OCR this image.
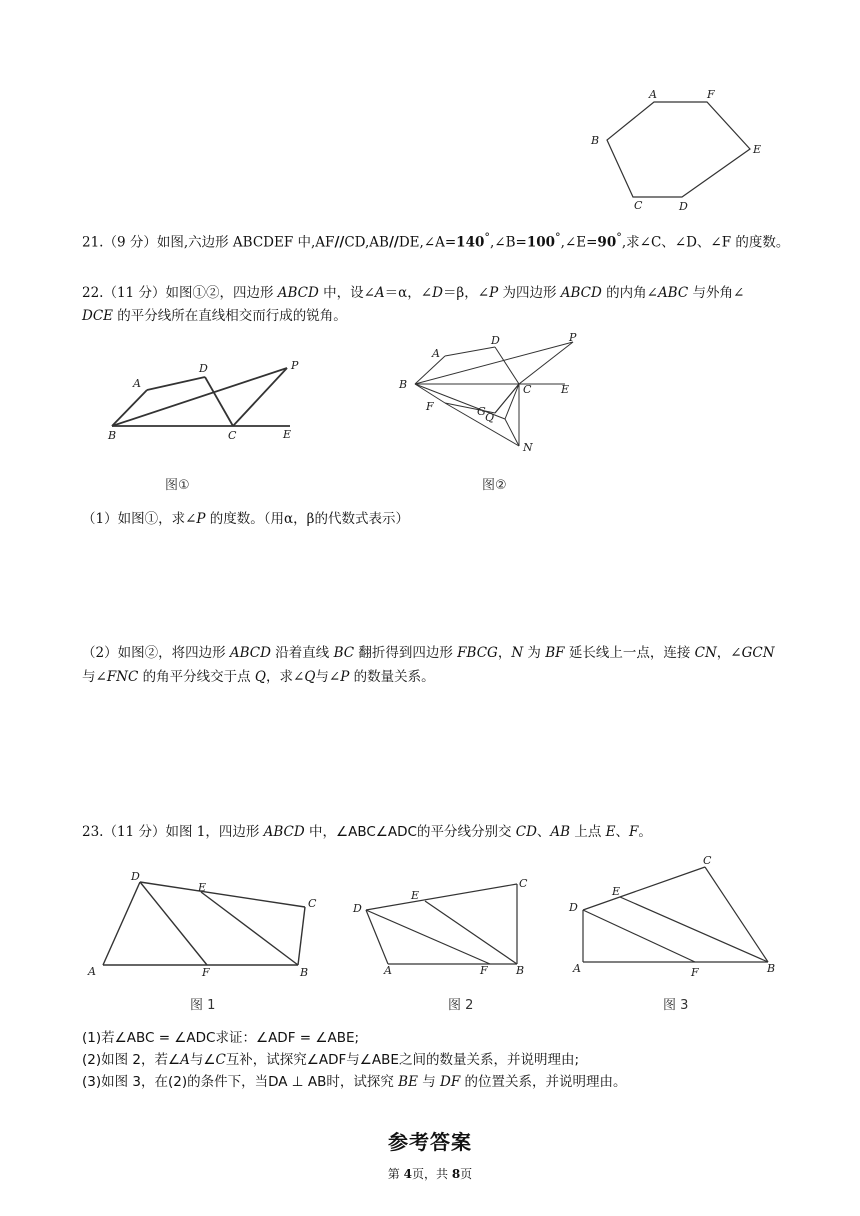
A	F
B
E
C	D
21.（9 分）如图,六边形 ABCDEF 中,AF//CD,AB//DE,∠A=140°,∠B=100°,∠E=90°,求∠C、∠D、∠F 的度数。
22.（11 分）如图①②，四边形 ABCD 中，设∠A＝α，∠D＝β，∠P 为四边形 ABCD 的内角∠ABC 与外角∠
DCE 的平分线所在直线相交而行成的锐角。
A
D	P
B	C	E
图①
A
D	P
B	C	E
F	G Q
N
图②
（1）如图①，求∠P 的度数。（用α，β的代数式表示）
（2）如图②，将四边形 ABCD 沿着直线 BC 翻折得到四边形 FBCG，N 为 BF 延长线上一点，连接 CN，∠GCN
与∠FNC 的角平分线交于点 Q，求∠Q与∠P 的数量关系。
23.（11 分）如图 1，四边形 ABCD 中，∠ABC∠ADC的平分线分别交 CD、AB 上点 E、F。
D
E
C
A	F	B
图 1
E
C
D
A	F	B
图 2
E
C
D
A	F	B
图 3
(1)若∠ABC = ∠ADC求证：∠ADF = ∠ABE;
(2)如图 2，若∠A与∠C互补，试探究∠ADF与∠ABE之间的数量关系，并说明理由;
(3)如图 3，在(2)的条件下，当DA ⊥ AB时，试探究 BE 与 DF 的位置关系，并说明理由。
参考答案
第 4页，共 8页
